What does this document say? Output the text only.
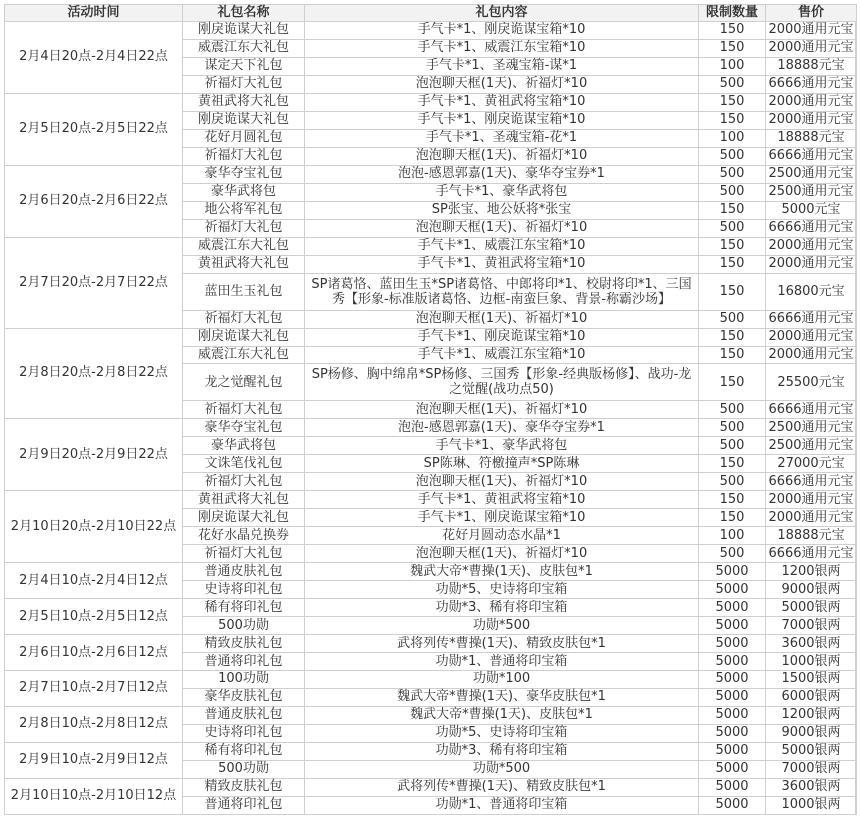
活动时间	礼包名称	礼包内容	限制数量	售价
2月4日20点-2月4日22点	刚戾诡谋大礼包	手气卡*1、刚戾诡谋宝箱*10	150	2000通用元宝
	威震江东大礼包	手气卡*1、威震江东宝箱*10	150	2000通用元宝
	谋定天下礼包	手气卡*1、圣魂宝箱-谋*1	100	18888元宝
	祈福灯大礼包	泡泡聊天框(1天)、祈福灯*10	500	6666通用元宝
2月5日20点-2月5日22点	黄祖武将大礼包	手气卡*1、黄祖武将宝箱*10	150	2000通用元宝
	刚戾诡谋大礼包	手气卡*1、刚戾诡谋宝箱*10	150	2000通用元宝
	花好月圆礼包	手气卡*1、圣魂宝箱-花*1	100	18888元宝
	祈福灯大礼包	泡泡聊天框(1天)、祈福灯*10	500	6666通用元宝
2月6日20点-2月6日22点	豪华夺宝礼包	泡泡-感恩郭嘉(1天)、豪华夺宝券*1	500	2500通用元宝
	豪华武将包	手气卡*1、豪华武将包	500	2500通用元宝
	地公将军礼包	SP张宝、地公妖将*张宝	150	5000元宝
	祈福灯大礼包	泡泡聊天框(1天)、祈福灯*10	500	6666通用元宝
2月7日20点-2月7日22点	威震江东大礼包	手气卡*1、威震江东宝箱*10	150	2000通用元宝
	黄祖武将大礼包	手气卡*1、黄祖武将宝箱*10	150	2000通用元宝
	蓝田生玉礼包	SP诸葛恪、蓝田生玉*SP诸葛恪、中郎将印*1、校尉将印*1、三国秀【形象-标准版诸葛恪、边框-南蛮巨象、背景-称霸沙场】	150	16800元宝
	祈福灯大礼包	泡泡聊天框(1天)、祈福灯*10	500	6666通用元宝
2月8日20点-2月8日22点	刚戾诡谋大礼包	手气卡*1、刚戾诡谋宝箱*10	150	2000通用元宝
	威震江东大礼包	手气卡*1、威震江东宝箱*10	150	2000通用元宝
	龙之觉醒礼包	SP杨修、胸中绵帛*SP杨修、三国秀【形象-经典版杨修】、战功-龙之觉醒(战功点50)	150	25500元宝
	祈福灯大礼包	泡泡聊天框(1天)、祈福灯*10	500	6666通用元宝
2月9日20点-2月9日22点	豪华夺宝礼包	泡泡-感恩郭嘉(1天)、豪华夺宝券*1	500	2500通用元宝
	豪华武将包	手气卡*1、豪华武将包	500	2500通用元宝
	文诛笔伐礼包	SP陈琳、符檄撞声*SP陈琳	150	27000元宝
	祈福灯大礼包	泡泡聊天框(1天)、祈福灯*10	500	6666通用元宝
2月10日20点-2月10日22点	黄祖武将大礼包	手气卡*1、黄祖武将宝箱*10	150	2000通用元宝
	刚戾诡谋大礼包	手气卡*1、刚戾诡谋宝箱*10	150	2000通用元宝
	花好水晶兑换券	花好月圆动态水晶*1	100	18888元宝
	祈福灯大礼包	泡泡聊天框(1天)、祈福灯*10	500	6666通用元宝
2月4日10点-2月4日12点	普通皮肤礼包	魏武大帝*曹操(1天)、皮肤包*1	5000	1200银两
	史诗将印礼包	功勋*5、史诗将印宝箱	5000	9000银两
2月5日10点-2月5日12点	稀有将印礼包	功勋*3、稀有将印宝箱	5000	5000银两
	500功勋	功勋*500	5000	7000银两
2月6日10点-2月6日12点	精致皮肤礼包	武将列传*曹操(1天)、精致皮肤包*1	5000	3600银两
	普通将印礼包	功勋*1、普通将印宝箱	5000	1000银两
2月7日10点-2月7日12点	100功勋	功勋*100	5000	1500银两
	豪华皮肤礼包	魏武大帝*曹操(1天)、豪华皮肤包*1	5000	6000银两
2月8日10点-2月8日12点	普通皮肤礼包	魏武大帝*曹操(1天)、皮肤包*1	5000	1200银两
	史诗将印礼包	功勋*5、史诗将印宝箱	5000	9000银两
2月9日10点-2月9日12点	稀有将印礼包	功勋*3、稀有将印宝箱	5000	5000银两
	500功勋	功勋*500	5000	7000银两
2月10日10点-2月10日12点	精致皮肤礼包	武将列传*曹操(1天)、精致皮肤包*1	5000	3600银两
	普通将印礼包	功勋*1、普通将印宝箱	5000	1000银两
